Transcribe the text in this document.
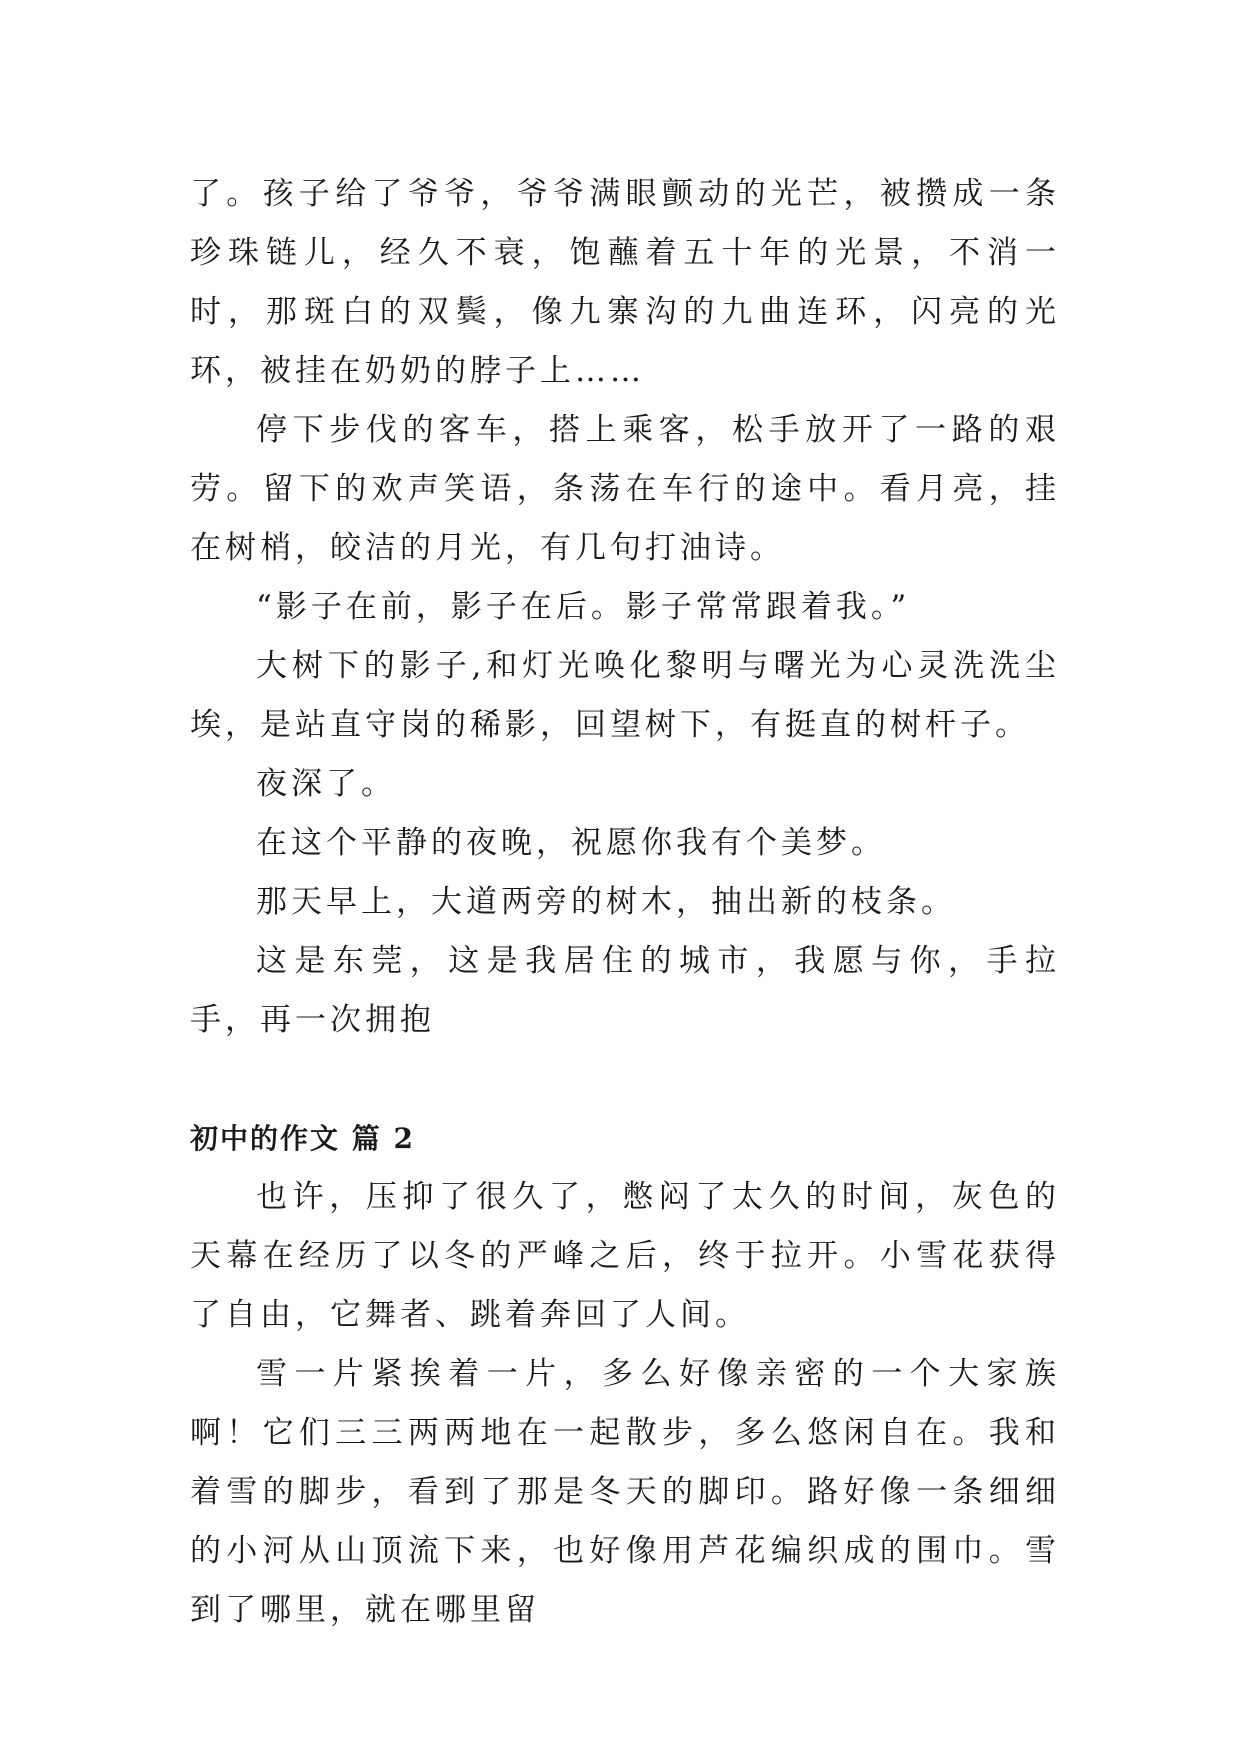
了。孩子给了爷爷，爷爷满眼颤动的光芒，被攒成一条珍珠链儿，经久不衰，饱蘸着五十年的光景，不消一时，那斑白的双鬓，像九寨沟的九曲连环，闪亮的光环，被挂在奶奶的脖子上……

停下步伐的客车，搭上乘客，松手放开了一路的艰劳。留下的欢声笑语，条荡在车行的途中。看月亮，挂在树梢，皎洁的月光，有几句打油诗。

“影子在前，影子在后。影子常常跟着我。”

大树下的影子,和灯光唤化黎明与曙光为心灵洗洗尘埃，是站直守岗的稀影，回望树下，有挺直的树杆子。

夜深了。

在这个平静的夜晚，祝愿你我有个美梦。

那天早上，大道两旁的树木，抽出新的枝条。

这是东莞，这是我居住的城市，我愿与你，手拉手，再一次拥抱

初中的作文 篇 2

也许，压抑了很久了，憋闷了太久的时间，灰色的天幕在经历了以冬的严峰之后，终于拉开。小雪花获得了自由，它舞者、跳着奔回了人间。

雪一片紧挨着一片，多么好像亲密的一个大家族啊！它们三三两两地在一起散步，多么悠闲自在。我和着雪的脚步，看到了那是冬天的脚印。路好像一条细细的小河从山顶流下来，也好像用芦花编织成的围巾。雪到了哪里，就在哪里留
